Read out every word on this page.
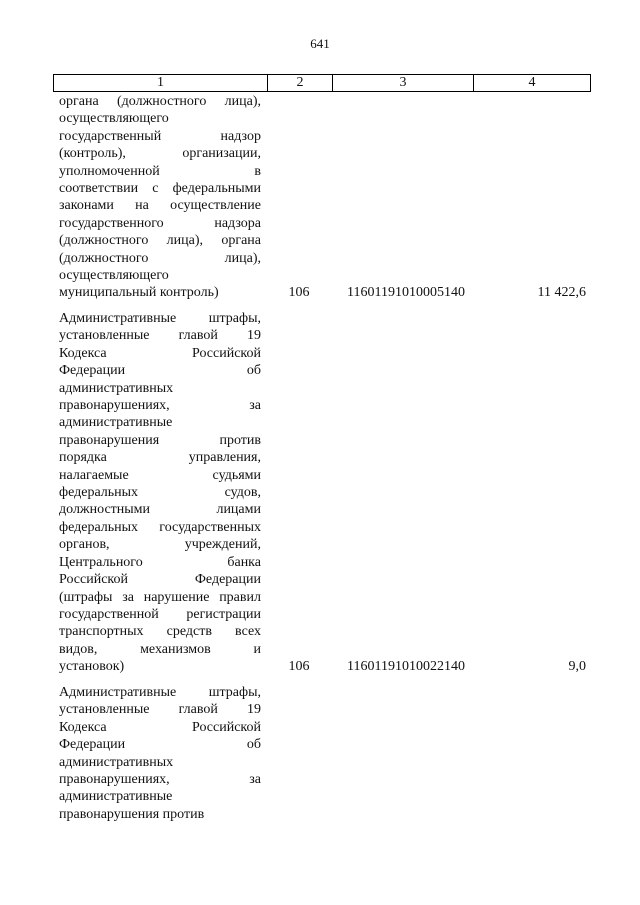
641
1	2	3	4
органа (должностного лица),
осуществляющего
государственный надзор
(контроль), организации,
уполномоченной в
соответствии с федеральными
законами на осуществление
государственного надзора
(должностного лица), органа
(должностного лица),
осуществляющего
муниципальный контроль)	106	11601191010005140	11 422,6
Административные штрафы,
установленные главой 19
Кодекса Российской
Федерации об
административных
правонарушениях, за
административные
правонарушения против
порядка управления,
налагаемые судьями
федеральных судов,
должностными лицами
федеральных государственных
органов, учреждений,
Центрального банка
Российской Федерации
(штрафы за нарушение правил
государственной регистрации
транспортных средств всех
видов, механизмов и
установок)	106	11601191010022140	9,0
Административные штрафы,
установленные главой 19
Кодекса Российской
Федерации об
административных
правонарушениях, за
административные
правонарушения против
